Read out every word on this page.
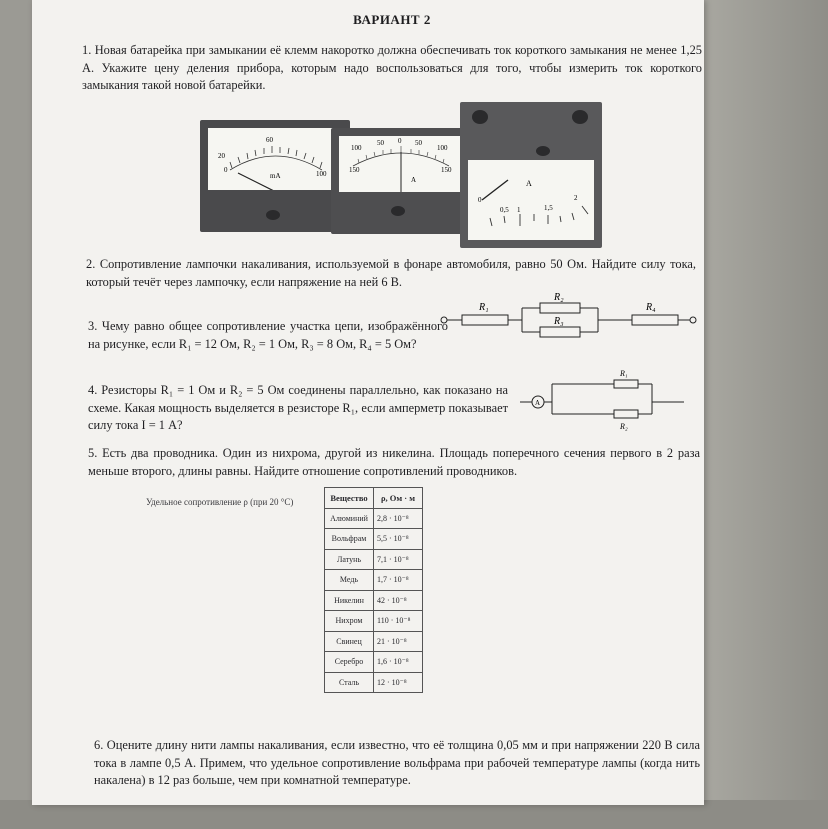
ВАРИАНТ 2
1. Новая батарейка при замыкании её клемм накоротко должна обеспечивать ток короткого замыкания не менее 1,25 А. Укажите цену деления прибора, которым надо воспользоваться для того, чтобы измерить ток короткого замыкания такой новой батарейки.
20
0
60
100
mA
100
50 0 50
100
150	150
A
0
0,5 1	1,5
2
A
2. Сопротивление лампочки накаливания, используемой в фонаре автомобиля, равно 50 Ом. Найдите силу тока, который течёт через лампочку, если напряжение на ней 6 В.
3. Чему равно общее сопротивление участка цепи, изображённого на рисунке, если R₁ = 12 Ом, R₂ = 1 Ом, R₃ = 8 Ом, R₄ = 5 Ом?
R₁
R₂
R₃
R₄
4. Резисторы R₁ = 1 Ом и R₂ = 5 Ом соединены параллельно, как показано на схеме. Какая мощность выделяется в резисторе R₁, если амперметр показывает силу тока I = 1 А?
A
R₁
R₂
5. Есть два проводника. Один из нихрома, другой из никелина. Площадь поперечного сечения первого в 2 раза меньше второго, длины равны. Найдите отношение сопротивлений проводников.
Удельное сопротивление ρ (при 20 °С)	Вещество	ρ, Ом · м
Алюминий	2,8 · 10⁻⁸
Вольфрам	5,5 · 10⁻⁸
Латунь	7,1 · 10⁻⁸
Медь	1,7 · 10⁻⁸
Никелин	42 · 10⁻⁸
Нихром	110 · 10⁻⁸
Свинец	21 · 10⁻⁸
Серебро	1,6 · 10⁻⁸
Сталь	12 · 10⁻⁸
6. Оцените длину нити лампы накаливания, если известно, что её толщина 0,05 мм и при напряжении 220 В сила тока в лампе 0,5 А. Примем, что удельное сопротивление вольфрама при рабочей температуре лампы (когда нить накалена) в 12 раз больше, чем при комнатной температуре.
